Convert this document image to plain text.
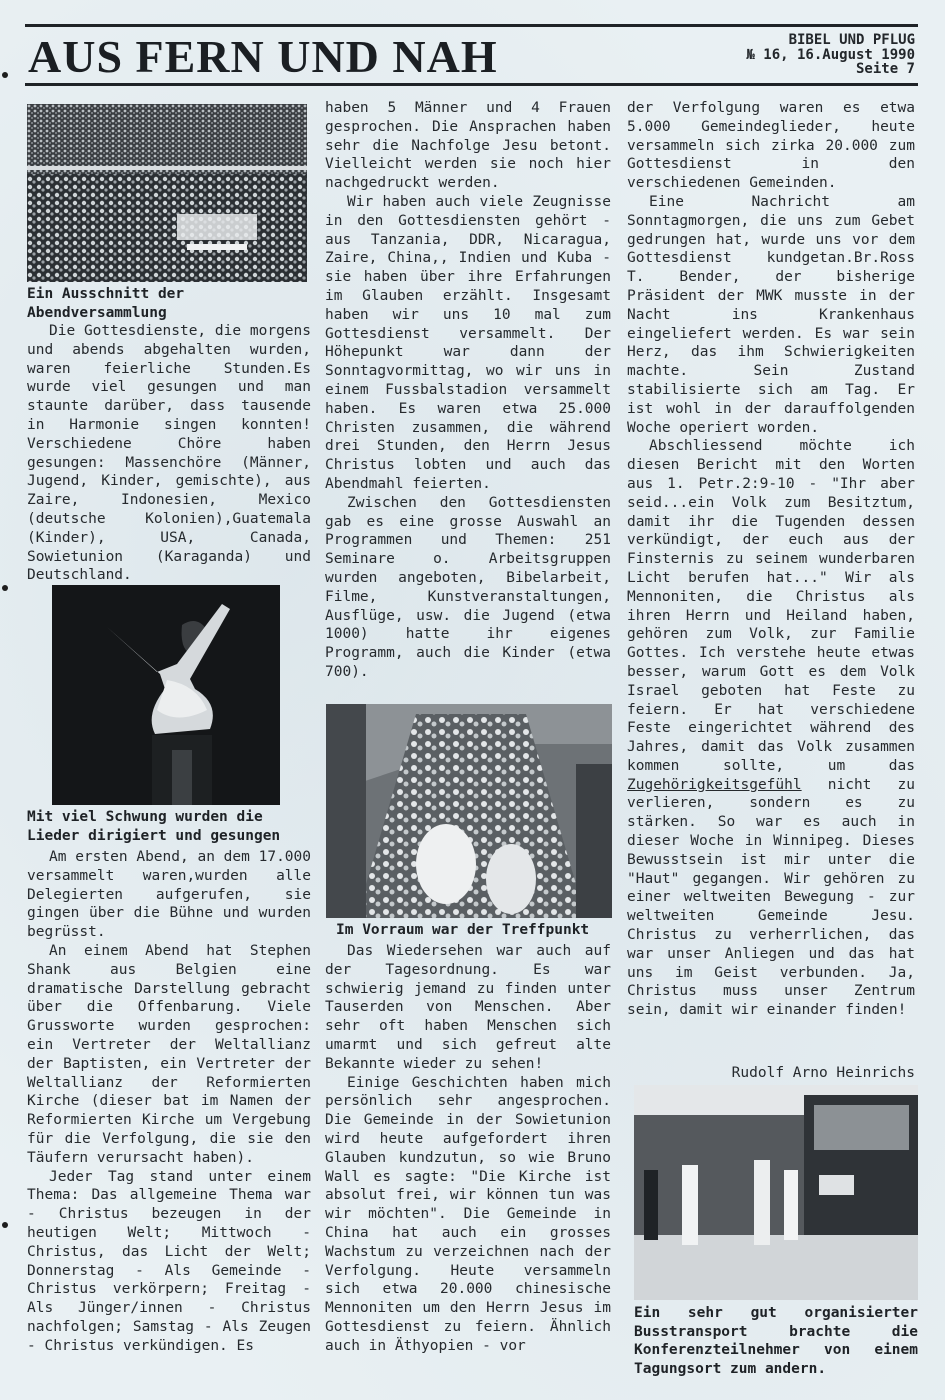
AUS FERN UND NAH	BIBEL UND PFLUG
№ 16, 16.August 1990
Seite 7
Ein Ausschnitt der Abendversammlung

Die Gottesdienste, die morgens und abends abgehalten wurden, waren feierliche Stunden.Es wurde viel gesungen und man staunte darüber, dass tausende in Harmonie singen konnten! Verschiedene Chöre haben gesungen: Massenchöre (Männer, Jugend, Kinder, gemischte), aus Zaire, Indonesien, Mexico (deutsche Kolonien),Guatemala (Kinder), USA, Canada, Sowietunion (Karaganda) und Deutschland.

Mit viel Schwung wurden die Lieder dirigiert und gesungen

Am ersten Abend, an dem 17.000 versammelt waren,wurden alle Delegierten aufgerufen, sie gingen über die Bühne und wurden begrüsst.

An einem Abend hat Stephen Shank aus Belgien eine dramatische Darstellung gebracht über die Offenbarung. Viele Grussworte wurden gesprochen: ein Vertreter der Weltallianz der Baptisten, ein Vertreter der Weltallianz der Reformierten Kirche (dieser bat im Namen der Reformierten Kirche um Vergebung für die Verfolgung, die sie den Täufern verursacht haben).

Jeder Tag stand unter einem Thema: Das allgemeine Thema war - Christus bezeugen in der heutigen Welt; Mittwoch - Christus, das Licht der Welt; Donnerstag - Als Gemeinde - Christus verkörpern; Freitag - Als Jünger/innen - Christus nachfolgen; Samstag - Als Zeugen - Christus verkündigen. Es

haben 5 Männer und 4 Frauen gesprochen. Die Ansprachen haben sehr die Nachfolge Jesu betont. Vielleicht werden sie noch hier nachgedruckt werden.

Wir haben auch viele Zeugnisse in den Gottesdiensten gehört - aus Tanzania, DDR, Nicaragua, Zaire, China,, Indien und Kuba - sie haben über ihre Erfahrungen im Glauben erzählt. Insgesamt haben wir uns 10 mal zum Gottesdienst versammelt. Der Höhepunkt war dann der Sonntagvormittag, wo wir uns in einem Fussbalstadion versammelt haben. Es waren etwa 25.000 Christen zusammen, die während drei Stunden, den Herrn Jesus Christus lobten und auch das Abendmahl feierten.

Zwischen den Gottesdiensten gab es eine grosse Auswahl an Programmen und Themen: 251 Seminare o. Arbeitsgruppen wurden angeboten, Bibelarbeit, Filme, Kunstveranstaltungen, Ausflüge, usw. die Jugend (etwa 1000) hatte ihr eigenes Programm, auch die Kinder (etwa 700).

Im Vorraum war der Treffpunkt

Das Wiedersehen war auch auf der Tagesordnung. Es war schwierig jemand zu finden unter Tauserden von Menschen. Aber sehr oft haben Menschen sich umarmt und sich gefreut alte Bekannte wieder zu sehen!

Einige Geschichten haben mich persönlich sehr angesprochen. Die Gemeinde in der Sowietunion wird heute aufgefordert ihren Glauben kundzutun, so wie Bruno Wall es sagte: "Die Kirche ist absolut frei, wir können tun was wir möchten". Die Gemeinde in China hat auch ein grosses Wachstum zu verzeichnen nach der Verfolgung. Heute versammeln sich etwa 20.000 chinesische Mennoniten um den Herrn Jesus im Gottesdienst zu feiern. Ähnlich auch in Äthyopien - vor

der Verfolgung waren es etwa 5.000 Gemeindeglieder, heute versammeln sich zirka 20.000 zum Gottesdienst in den verschiedenen Gemeinden.

Eine Nachricht am Sonntagmorgen, die uns zum Gebet gedrungen hat, wurde uns vor dem Gottesdienst kundgetan.Br.Ross T. Bender, der bisherige Präsident der MWK musste in der Nacht ins Krankenhaus eingeliefert werden. Es war sein Herz, das ihm Schwierigkeiten machte. Sein Zustand stabilisierte sich am Tag. Er ist wohl in der darauffolgenden Woche operiert worden.

Abschliessend möchte ich diesen Bericht mit den Worten aus 1. Petr.2:9-10 - "Ihr aber seid...ein Volk zum Besitztum, damit ihr die Tugenden dessen verkündigt, der euch aus der Finsternis zu seinem wunderbaren Licht berufen hat..." Wir als Mennoniten, die Christus als ihren Herrn und Heiland haben, gehören zum Volk, zur Familie Gottes. Ich verstehe heute etwas besser, warum Gott es dem Volk Israel geboten hat Feste zu feiern. Er hat verschiedene Feste eingerichtet während des Jahres, damit das Volk zusammen kommen sollte, um das Zugehörigkeitsgefühl nicht zu verlieren, sondern es zu stärken. So war es auch in dieser Woche in Winnipeg. Dieses Bewusstsein ist mir unter die "Haut" gegangen. Wir gehören zu einer weltweiten Bewegung - zur weltweiten Gemeinde Jesu. Christus zu verherrlichen, das war unser Anliegen und das hat uns im Geist verbunden. Ja, Christus muss unser Zentrum sein, damit wir einander finden!

Rudolf Arno Heinrichs
Ein sehr gut organisierter Busstransport brachte die Konferenzteilnehmer von einem Tagungsort zum andern.
